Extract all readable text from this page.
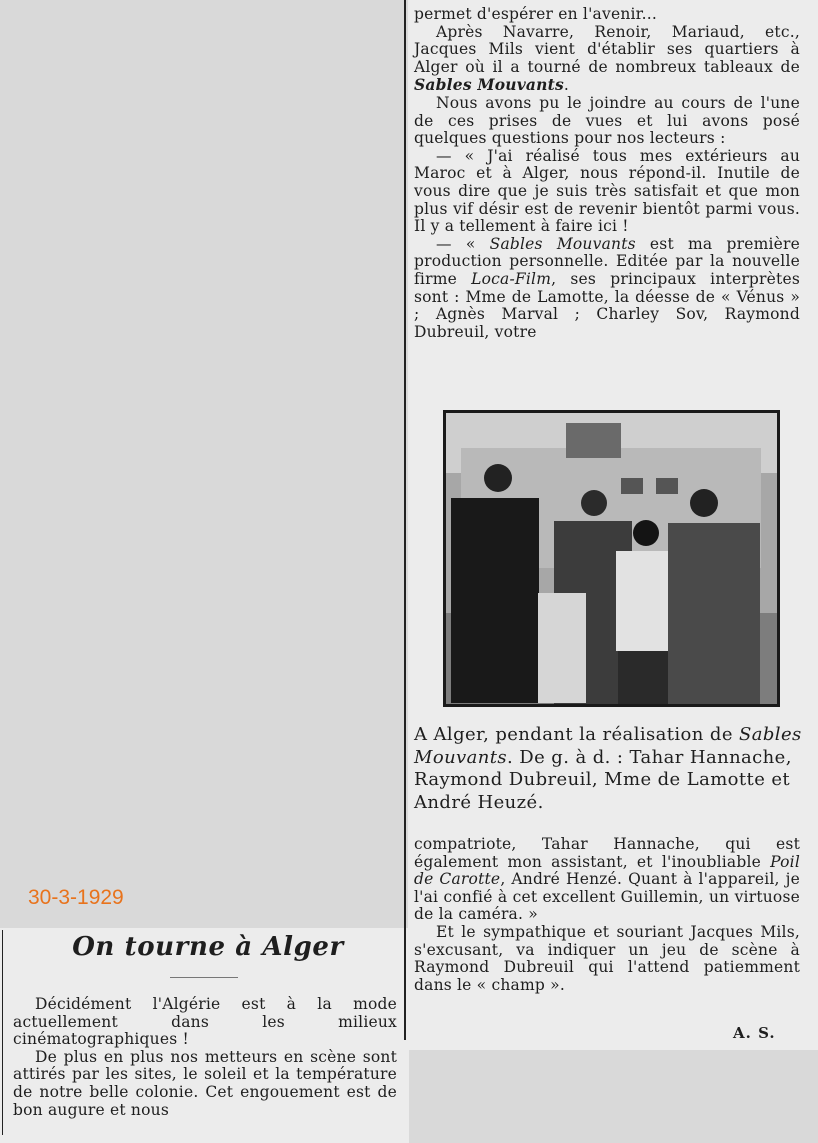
30-3-1929
On tourne à Alger

Décidément l'Algérie est à la mode actuellement dans les milieux cinématographiques !

De plus en plus nos metteurs en scène sont attirés par les sites, le soleil et la température de notre belle colonie. Cet engouement est de bon augure et nous

permet d'espérer en l'avenir...

Après Navarre, Renoir, Mariaud, etc., Jacques Mils vient d'établir ses quartiers à Alger où il a tourné de nombreux tableaux de Sables Mouvants.

Nous avons pu le joindre au cours de l'une de ces prises de vues et lui avons posé quelques questions pour nos lecteurs :

— « J'ai réalisé tous mes extérieurs au Maroc et à Alger, nous répond-il. Inutile de vous dire que je suis très satisfait et que mon plus vif désir est de revenir bientôt parmi vous. Il y a tellement à faire ici !

— « Sables Mouvants est ma première production personnelle. Editée par la nouvelle firme Loca-Film, ses principaux interprètes sont : Mme de Lamotte, la déesse de « Vénus » ; Agnès Marval ; Charley Sov, Raymond Dubreuil, votre

A Alger, pendant la réalisation de Sables Mouvants. De g. à d. : Tahar Hannache, Raymond Dubreuil, Mme de Lamotte et André Heuzé.

compatriote, Tahar Hannache, qui est également mon assistant, et l'inoubliable Poil de Carotte, André Henzé. Quant à l'appareil, je l'ai confié à cet excellent Guillemin, un virtuose de la caméra. »

Et le sympathique et souriant Jacques Mils, s'excusant, va indiquer un jeu de scène à Raymond Dubreuil qui l'attend patiemment dans le « champ ».

A. S.
